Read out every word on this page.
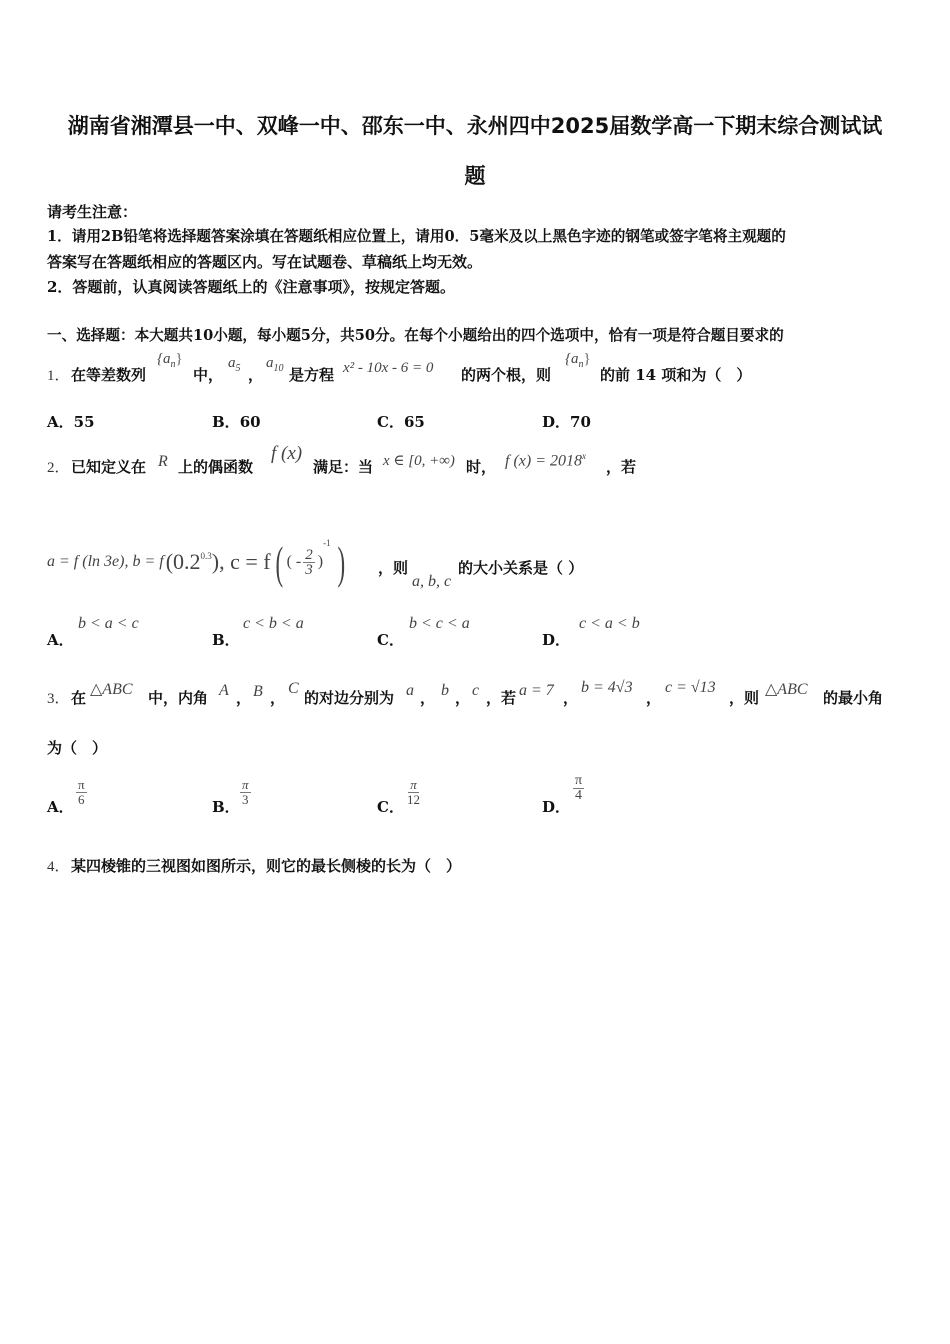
湖南省湘潭县一中、双峰一中、邵东一中、永州四中2025届数学高一下期末综合测试试
题
请考生注意：
1．请用2B铅笔将选择题答案涂填在答题纸相应位置上，请用0．5毫米及以上黑色字迹的钢笔或签字笔将主观题的
答案写在答题纸相应的答题区内。写在试题卷、草稿纸上均无效。
2．答题前，认真阅读答题纸上的《注意事项》，按规定答题。
一、选择题：本大题共10小题，每小题5分，共50分。在每个小题给出的四个选项中，恰有一项是符合题目要求的
1． 在等差数列
$\{a_n\}$
中，
$a_5$ ，
$a_{10}$ 是方程 x² - 10x - 6 = 0 的两个根，则
$\{a_n\}$
的前 14 项和为（　）
A．55	B．60	C．65	D．70
2． 已知定义在 R 上的偶函数
f (x)
满足：当 x ∈ [0, +∞) 时， f $(x) = 2018^x$
，若
a = f (ln 3e), b = f $(0.2^{0.3})$, c = f ( ( - $\frac{2}{3}$ )
-1 ) ，则
a, b, c
的大小关系是（ ）
A．
b < a < c
B．
c < b < a
C．
b < c < a
D．
c < a < b
3． 在 △ABC 中，内角 A ， B ，
C
的对边分别为 a ， b ， c ，若 a = 7 ，
b = 4√3
，
c = √13
，则 △ABC 的最小角
为（　）
A． $\frac{\pi}{6}$	B． $\frac{\pi}{3}$	C． $\frac{\pi}{12}$	D．
$\frac{\pi}{4}$
4． 某四棱锥的三视图如图所示，则它的最长侧棱的长为（　）
